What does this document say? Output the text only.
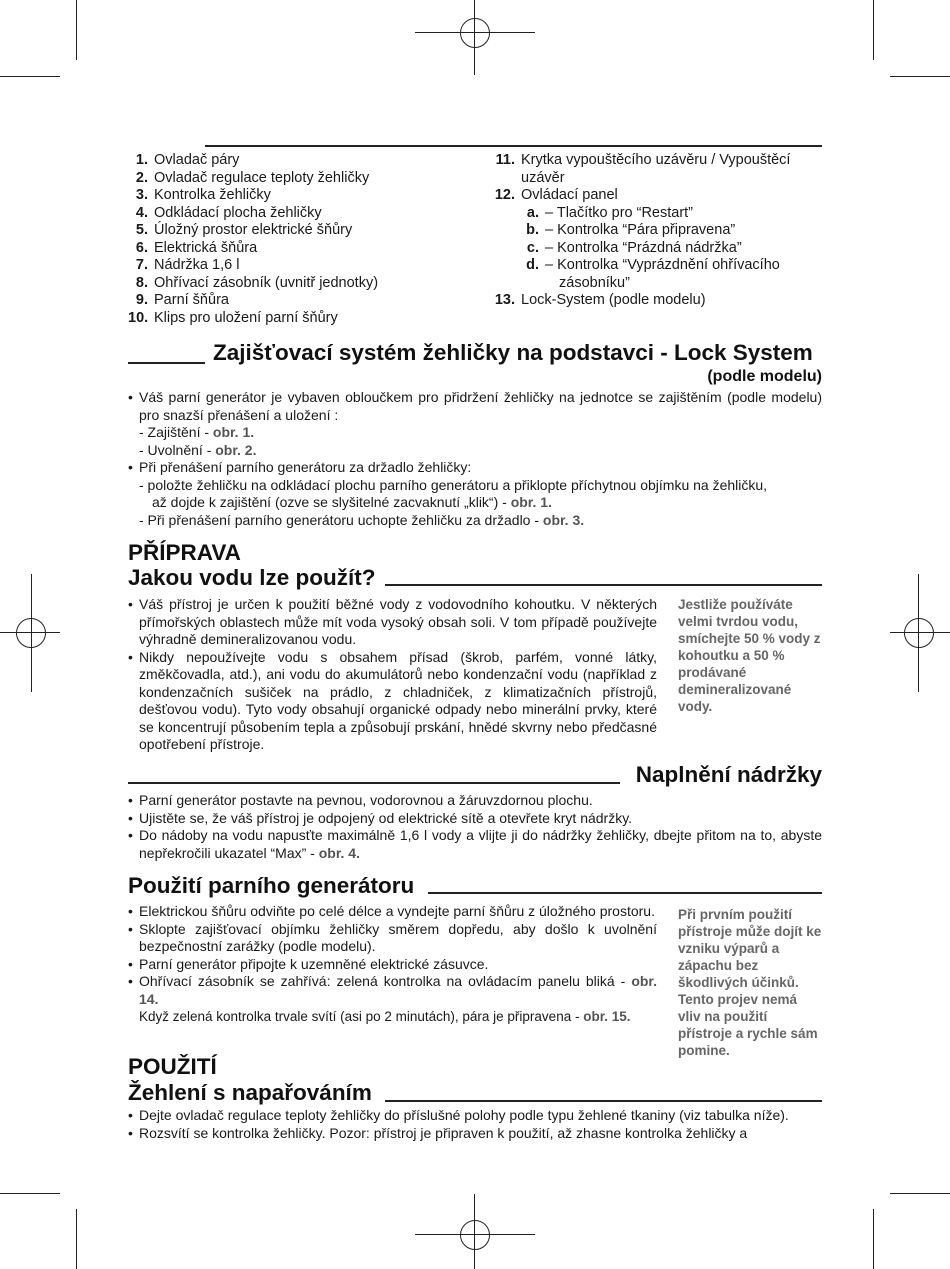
1. Ovladač páry
2. Ovladač regulace teploty žehličky
3. Kontrolka žehličky
4. Odkládací plocha žehličky
5. Úložný prostor elektrické šňůry
6. Elektrická šňůra
7. Nádržka 1,6 l
8. Ohřívací zásobník (uvnitř jednotky)
9. Parní šňůra
10. Klips pro uložení parní šňůry
11. Krytka vypouštěcího uzávěru / Vypouštěcí
uzávěr
12. Ovládací panel
a. – Tlačítko pro “Restart”
b. – Kontrolka “Pára připravena”
c. – Kontrolka “Prázdná nádržka”
d. – Kontrolka “Vyprázdnění ohřívacího
zásobníku”
13. Lock-System (podle modelu)
Zajišťovací systém žehličky na podstavci - Lock System
(podle modelu)
• Váš parní generátor je vybaven obloučkem pro přidržení žehličky na jednotce se zajištěním (podle modelu) pro snazší přenášení a uložení :
- Zajištění - obr. 1.
- Uvolnění - obr. 2.
• Při přenášení parního generátoru za držadlo žehličky:
- položte žehličku na odkládací plochu parního generátoru a přiklopte příchytnou objímku na žehličku,
až dojde k zajištění (ozve se slyšitelné zacvaknutí „klik“) - obr. 1.
- Při přenášení parního generátoru uchopte žehličku za držadlo - obr. 3.
PŘÍPRAVA
Jakou vodu lze použít?
• Váš přístroj je určen k použití běžné vody z vodovodního kohoutku. V některých přímořských oblastech může mít voda vysoký obsah soli. V tom případě používejte výhradně demineralizovanou vodu.
• Nikdy nepoužívejte vodu s obsahem přísad (škrob, parfém, vonné látky, změkčovadla, atd.), ani vodu do akumulátorů nebo kondenzační vodu (například z kondenzačních sušiček na prádlo, z chladniček, z klimatizačních přístrojů, dešťovou vodu). Tyto vody obsahují organické odpady nebo minerální prvky, které se koncentrují působením tepla a způsobují prskání, hnědé skvrny nebo předčasné opotřebení přístroje.
Jestliže používáte velmi tvrdou vodu, smíchejte 50 % vody z kohoutku a 50 % prodávané demineralizované vody.
Naplnění nádržky
• Parní generátor postavte na pevnou, vodorovnou a žáruvzdornou plochu.
• Ujistěte se, že váš přístroj je odpojený od elektrické sítě a otevřete kryt nádržky.
• Do nádoby na vodu napusťte maximálně 1,6 l vody a vlijte ji do nádržky žehličky, dbejte přitom na to, abyste nepřekročili ukazatel “Max” - obr. 4.
Použití parního generátoru
• Elektrickou šňůru odviňte po celé délce a vyndejte parní šňůru z úložného prostoru.
• Sklopte zajišťovací objímku žehličky směrem dopředu, aby došlo k uvolnění bezpečnostní zarážky (podle modelu).
• Parní generátor připojte k uzemněné elektrické zásuvce.
• Ohřívací zásobník se zahřívá: zelená kontrolka na ovládacím panelu bliká - obr. 14.
Když zelená kontrolka trvale svítí (asi po 2 minutách), pára je připravena - obr. 15.
Při prvním použití přístroje může dojít ke vzniku výparů a zápachu bez škodlivých účinků. Tento projev nemá vliv na použití přístroje a rychle sám pomine.
POUŽITÍ
Žehlení s napařováním
• Dejte ovladač regulace teploty žehličky do příslušné polohy podle typu žehlené tkaniny (viz tabulka níže).
• Rozsvítí se kontrolka žehličky. Pozor: přístroj je připraven k použití, až zhasne kontrolka žehličky a
